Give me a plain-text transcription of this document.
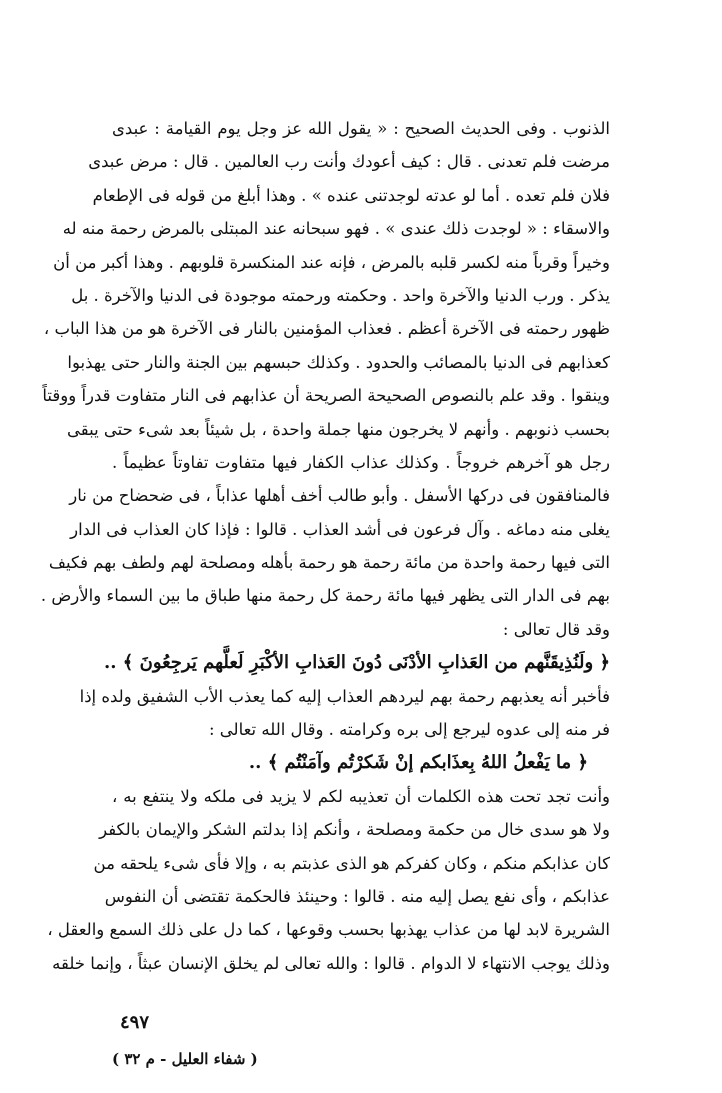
الذنوب . وفى الحديث الصحيح : « يقول الله عز وجل يوم القيامة : عبدى
مرضت فلم تعدنى . قال : كيف أعودك وأنت رب العالمين . قال : مرض عبدى
فلان فلم تعده . أما لو عدته لوجدتنى عنده » . وهذا أبلغ من قوله فى الإطعام
والاسقاء : « لوجدت ذلك عندى » . فهو سبحانه عند المبتلى بالمرض رحمة منه له
وخيراً وقرباً منه لكسر قلبه بالمرض ، فإنه عند المنكسرة قلوبهم . وهذا أكبر من أن
يذكر . ورب الدنيا والآخرة واحد . وحكمته ورحمته موجودة فى الدنيا والآخرة . بل
ظهور رحمته فى الآخرة أعظم . فعذاب المؤمنين بالنار فى الآخرة هو من هذا الباب ،
كعذابهم فى الدنيا بالمصائب والحدود . وكذلك حبسهم بين الجنة والنار حتى يهذبوا
وينقوا . وقد علم بالنصوص الصحيحة الصريحة أن عذابهم فى النار متفاوت قدراً ووقتاً
بحسب ذنوبهم . وأنهم لا يخرجون منها جملة واحدة ، بل شيئاً بعد شىء حتى يبقى
رجل هو آخرهم خروجاً . وكذلك عذاب الكفار فيها متفاوت تفاوتاً عظيماً .
فالمنافقون فى دركها الأسفل . وأبو طالب أخف أهلها عذاباً ، فى ضحضاح من نار
يغلى منه دماغه . وآل فرعون فى أشد العذاب . قالوا : فإذا كان العذاب فى الدار
التى فيها رحمة واحدة من مائة رحمة هو رحمة بأهله ومصلحة لهم ولطف بهم فكيف
بهم فى الدار التى يظهر فيها مائة رحمة كل رحمة منها طباق ما بين السماء والأرض .
وقد قال تعالى :
﴿ ولَنُذِيقَنَّهم من العَذابِ الأدْنَى دُونَ العَذابِ الأكْبَرِ لَعلَّهم يَرجِعُونَ ﴾ ..
فأخبر أنه يعذبهم رحمة بهم ليردهم العذاب إليه كما يعذب الأب الشفيق ولده إذا
فر منه إلى عدوه ليرجع إلى بره وكرامته . وقال الله تعالى :
﴿ ما يَفْعلُ اللهُ بِعذَابكم إنْ شَكرْتُم وآمَنْتُم ﴾ ..
وأنت تجد تحت هذه الكلمات أن تعذيبه لكم لا يزيد فى ملكه ولا ينتفع به ،
ولا هو سدى خال من حكمة ومصلحة ، وأنكم إذا بدلتم الشكر والإيمان بالكفر
كان عذابكم منكم ، وكان كفركم هو الذى عذبتم به ، وإلا فأى شىء يلحقه من
عذابكم ، وأى نفع يصل إليه منه . قالوا : وحينئذ فالحكمة تقتضى أن النفوس
الشريرة لابد لها من عذاب يهذبها بحسب وقوعها ، كما دل على ذلك السمع والعقل ،
وذلك يوجب الانتهاء لا الدوام . قالوا : والله تعالى لم يخلق الإنسان عبثاً ، وإنما خلقه
٤٩٧
( شفاء العليل - م ٣٢ )
